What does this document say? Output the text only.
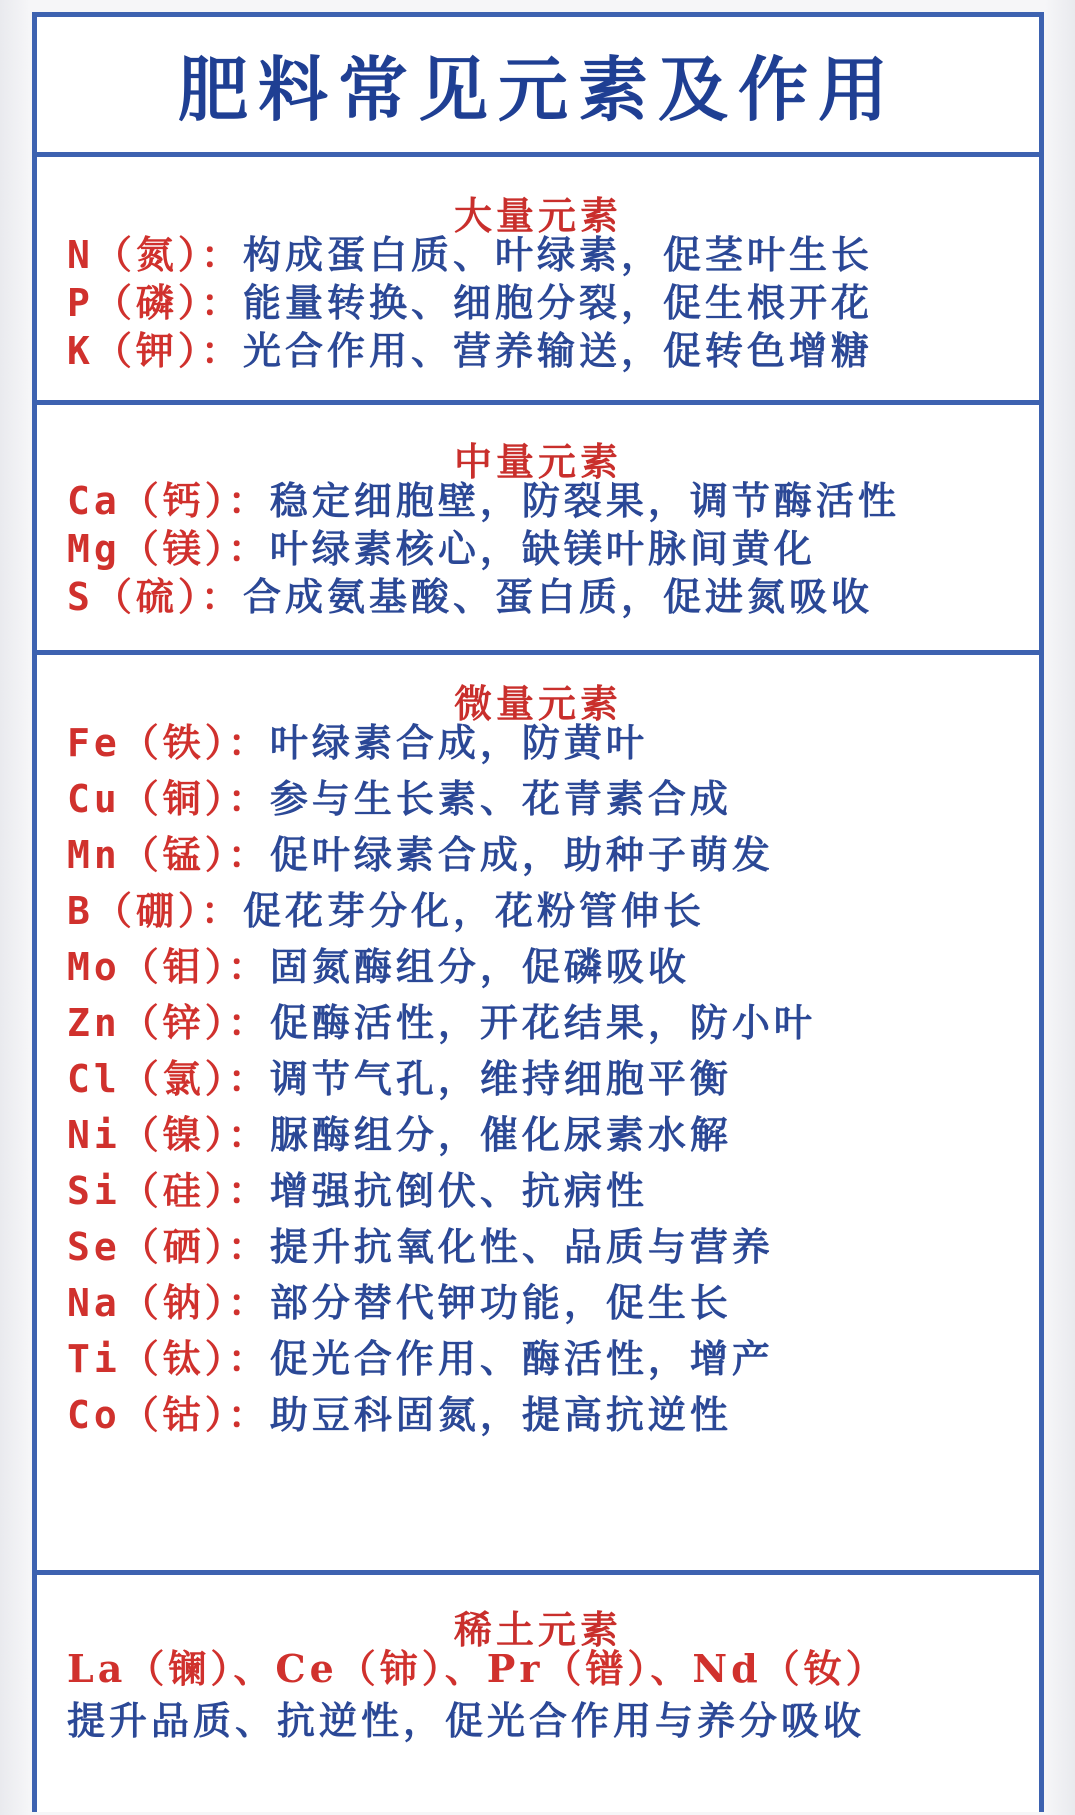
肥料常见元素及作用
大量元素
N（氮）：构成蛋白质、叶绿素，促茎叶生长
P（磷）：能量转换、细胞分裂，促生根开花
K（钾）：光合作用、营养输送，促转色增糖
中量元素
Ca（钙）：稳定细胞壁，防裂果，调节酶活性
Mg（镁）：叶绿素核心，缺镁叶脉间黄化
S（硫）：合成氨基酸、蛋白质，促进氮吸收
微量元素
Fe（铁）：叶绿素合成，防黄叶
Cu（铜）：参与生长素、花青素合成
Mn（锰）：促叶绿素合成，助种子萌发
B（硼）：促花芽分化，花粉管伸长
Mo（钼）：固氮酶组分，促磷吸收
Zn（锌）：促酶活性，开花结果，防小叶
Cl（氯）：调节气孔，维持细胞平衡
Ni（镍）：脲酶组分，催化尿素水解
Si（硅）：增强抗倒伏、抗病性
Se（硒）：提升抗氧化性、品质与营养
Na（钠）：部分替代钾功能，促生长
Ti（钛）：促光合作用、酶活性，增产
Co（钴）：助豆科固氮，提高抗逆性
稀土元素
La（镧）、Ce（铈）、Pr（镨）、Nd（钕）
提升品质、抗逆性，促光合作用与养分吸收
